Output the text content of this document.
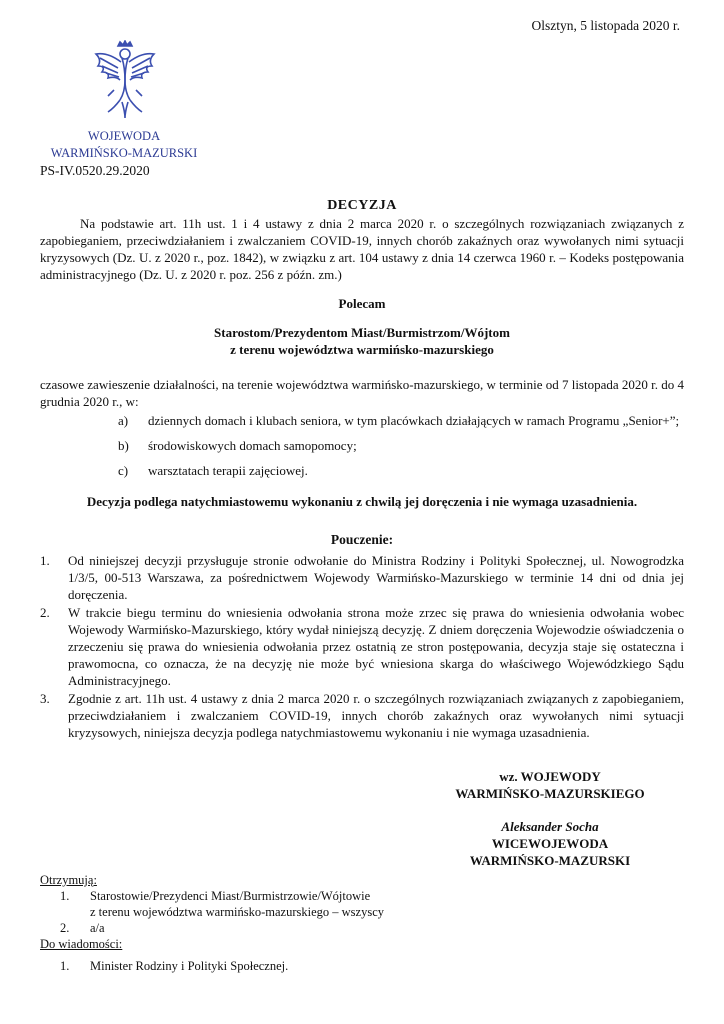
Olsztyn, 5 listopada 2020 r.
WOJEWODA
WARMIŃSKO-MAZURSKI
PS-IV.0520.29.2020
DECYZJA
Na podstawie art. 11h ust. 1 i 4 ustawy z dnia 2 marca 2020 r. o szczególnych rozwiązaniach związanych z zapobieganiem, przeciwdziałaniem i zwalczaniem COVID-19, innych chorób zakaźnych oraz wywołanych nimi sytuacji kryzysowych (Dz. U. z 2020 r., poz. 1842), w związku z art. 104 ustawy z dnia 14 czerwca 1960 r. – Kodeks postępowania administracyjnego (Dz. U. z 2020 r. poz. 256 z późn. zm.)
Polecam
Starostom/Prezydentom Miast/Burmistrzom/Wójtom
z terenu województwa warmińsko-mazurskiego
czasowe zawieszenie działalności, na terenie województwa warmińsko-mazurskiego, w terminie od 7 listopada 2020 r. do 4 grudnia 2020 r., w:
a)	dziennych domach i klubach seniora, w tym placówkach działających w ramach Programu „Senior+”;
b)	środowiskowych domach samopomocy;
c)	warsztatach terapii zajęciowej.
Decyzja podlega natychmiastowemu wykonaniu z chwilą jej doręczenia i nie wymaga uzasadnienia.
Pouczenie:
1.	Od niniejszej decyzji przysługuje stronie odwołanie do Ministra Rodziny i Polityki Społecznej, ul. Nowogrodzka 1/3/5, 00-513 Warszawa, za pośrednictwem Wojewody Warmińsko-Mazurskiego w terminie 14 dni od dnia jej doręczenia.
2.	W trakcie biegu terminu do wniesienia odwołania strona może zrzec się prawa do wniesienia odwołania wobec Wojewody Warmińsko-Mazurskiego, który wydał niniejszą decyzję. Z dniem doręczenia Wojewodzie oświadczenia o zrzeczeniu się prawa do wniesienia odwołania przez ostatnią ze stron postępowania, decyzja staje się ostateczna i prawomocna, co oznacza, że na decyzję nie może być wniesiona skarga do właściwego Wojewódzkiego Sądu Administracyjnego.
3.	Zgodnie z art. 11h ust. 4 ustawy z dnia 2 marca 2020 r. o szczególnych rozwiązaniach związanych z zapobieganiem, przeciwdziałaniem i zwalczaniem COVID-19, innych chorób zakaźnych oraz wywołanych nimi sytuacji kryzysowych, niniejsza decyzja podlega natychmiastowemu wykonaniu i nie wymaga uzasadnienia.
wz. WOJEWODY
WARMIŃSKO-MAZURSKIEGO
Aleksander Socha
WICEWOJEWODA
WARMIŃSKO-MAZURSKI
Otrzymują:
1.	Starostowie/Prezydenci Miast/Burmistrzowie/Wójtowie
z terenu województwa warmińsko-mazurskiego – wszyscy
2.	a/a
Do wiadomości:
1.	Minister Rodziny i Polityki Społecznej.
